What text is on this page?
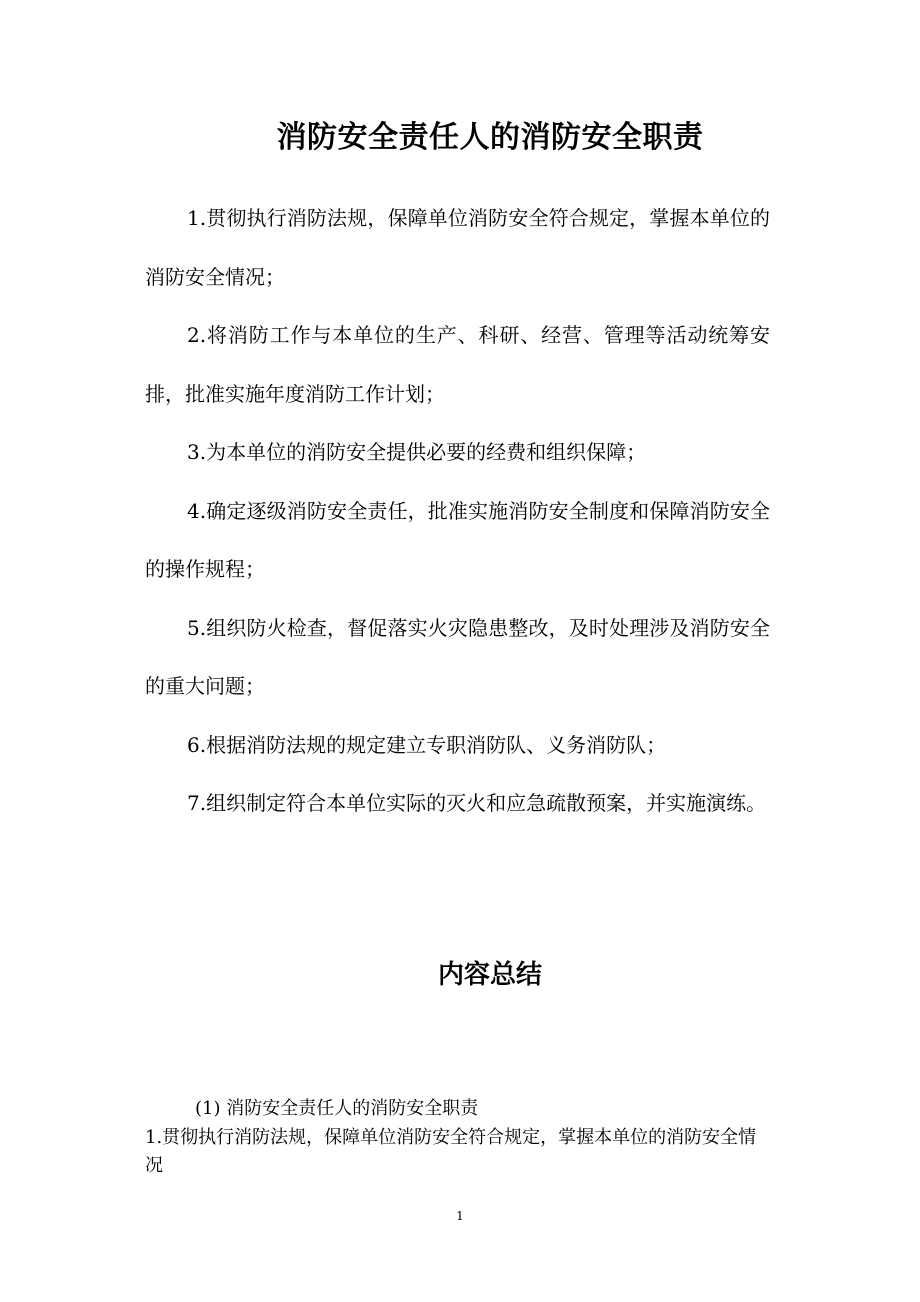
消防安全责任人的消防安全职责

1.贯彻执行消防法规，保障单位消防安全符合规定，掌握本单位的消防安全情况；

2.将消防工作与本单位的生产、科研、经营、管理等活动统筹安排，批准实施年度消防工作计划；

3.为本单位的消防安全提供必要的经费和组织保障；

4.确定逐级消防安全责任，批准实施消防安全制度和保障消防安全的操作规程；

5.组织防火检查，督促落实火灾隐患整改，及时处理涉及消防安全的重大问题；

6.根据消防法规的规定建立专职消防队、义务消防队；

7.组织制定符合本单位实际的灭火和应急疏散预案，并实施演练。

内容总结

(1) 消防安全责任人的消防安全职责

1.贯彻执行消防法规，保障单位消防安全符合规定，掌握本单位的消防安全情况

1
